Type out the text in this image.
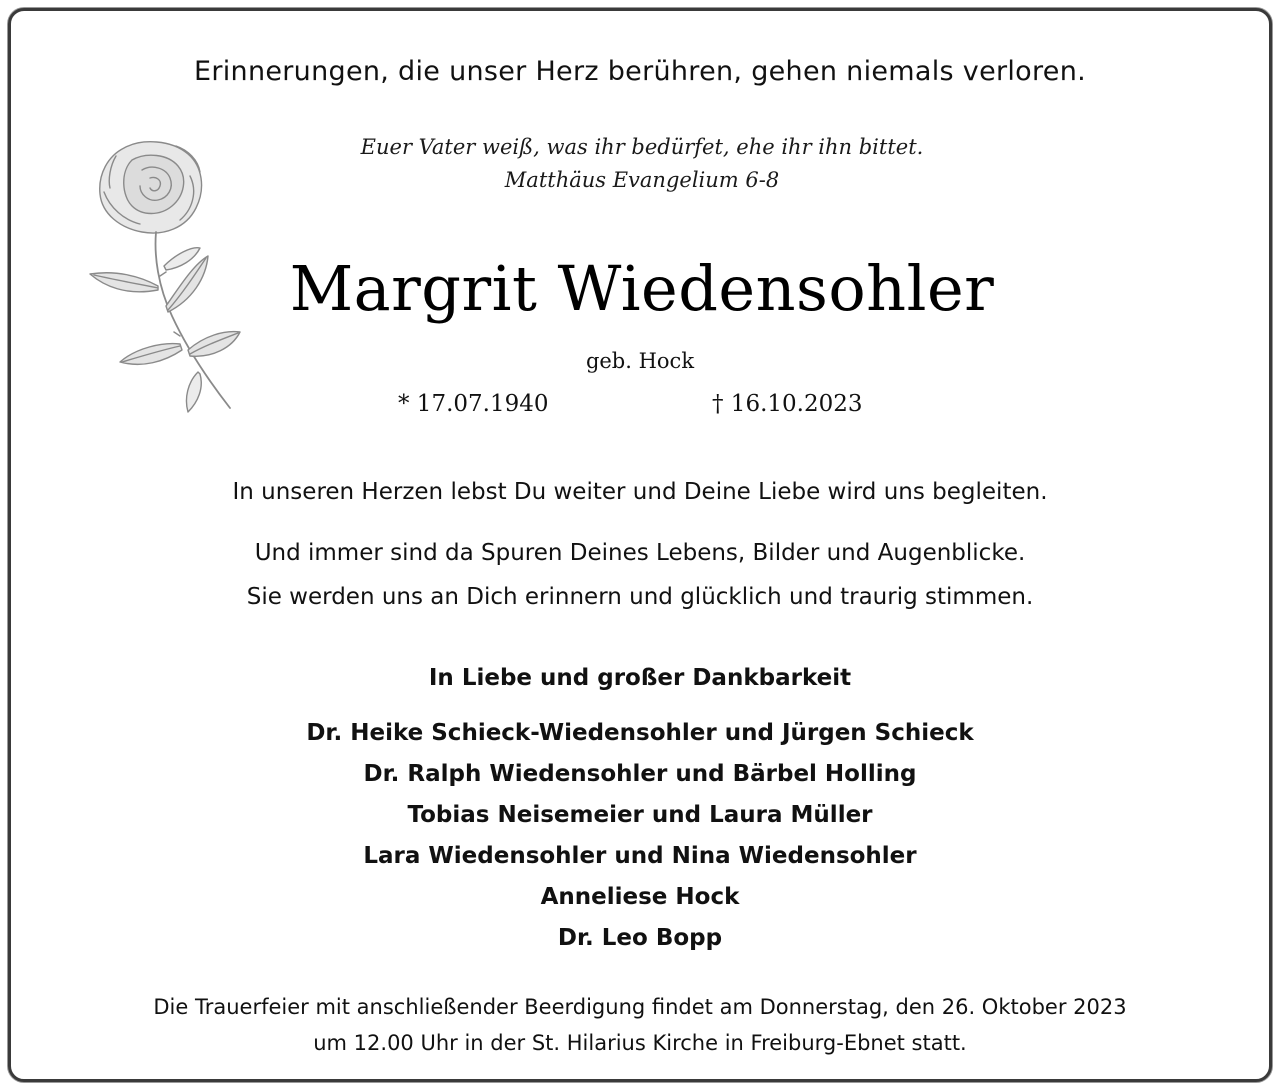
Erinnerungen, die unser Herz berühren, gehen niemals verloren.

Euer Vater weiß, was ihr bedürfet, ehe ihr ihn bittet.

Matthäus Evangelium 6-8

Margrit Wiedensohler

geb. Hock

* 17.07.1940	† 16.10.2023

In unseren Herzen lebst Du weiter und Deine Liebe wird uns begleiten.

Und immer sind da Spuren Deines Lebens, Bilder und Augenblicke.

Sie werden uns an Dich erinnern und glücklich und traurig stimmen.

In Liebe und großer Dankbarkeit

Dr. Heike Schieck-Wiedensohler und Jürgen Schieck
Dr. Ralph Wiedensohler und Bärbel Holling
Tobias Neisemeier und Laura Müller
Lara Wiedensohler und Nina Wiedensohler
Anneliese Hock
Dr. Leo Bopp

Die Trauerfeier mit anschließender Beerdigung findet am Donnerstag, den 26. Oktober 2023

um 12.00 Uhr in der St. Hilarius Kirche in Freiburg-Ebnet statt.
